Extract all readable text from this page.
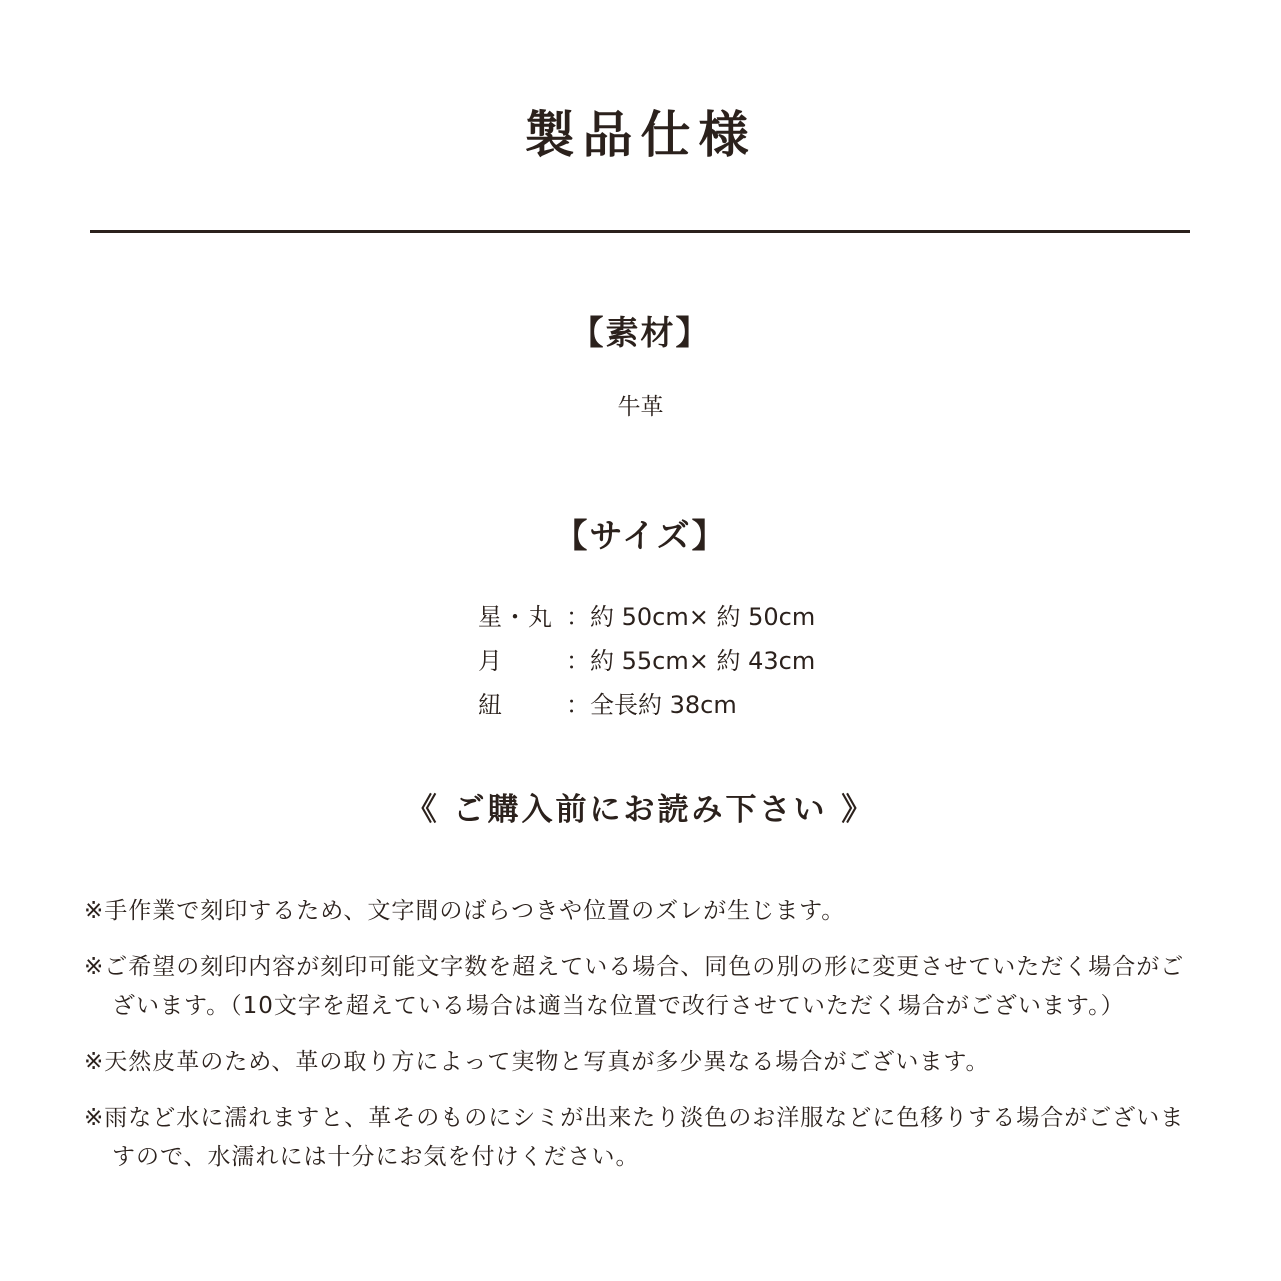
製品仕様
【素材】
牛革
【サイズ】
星・丸 ：約 50cm× 約 50cm
月	：約 55cm× 約 43cm
紐	：全長約 38cm
《 ご購入前にお読み下さい 》
※手作業で刻印するため、文字間のばらつきや位置のズレが生じます。
※ご希望の刻印内容が刻印可能文字数を超えている場合、同色の別の形に変更させていただく場合がございます。（10文字を超えている場合は適当な位置で改行させていただく場合がございます。）
※天然皮革のため、革の取り方によって実物と写真が多少異なる場合がございます。
※雨など水に濡れますと、革そのものにシミが出来たり淡色のお洋服などに色移りする場合がございますので、水濡れには十分にお気を付けください。
